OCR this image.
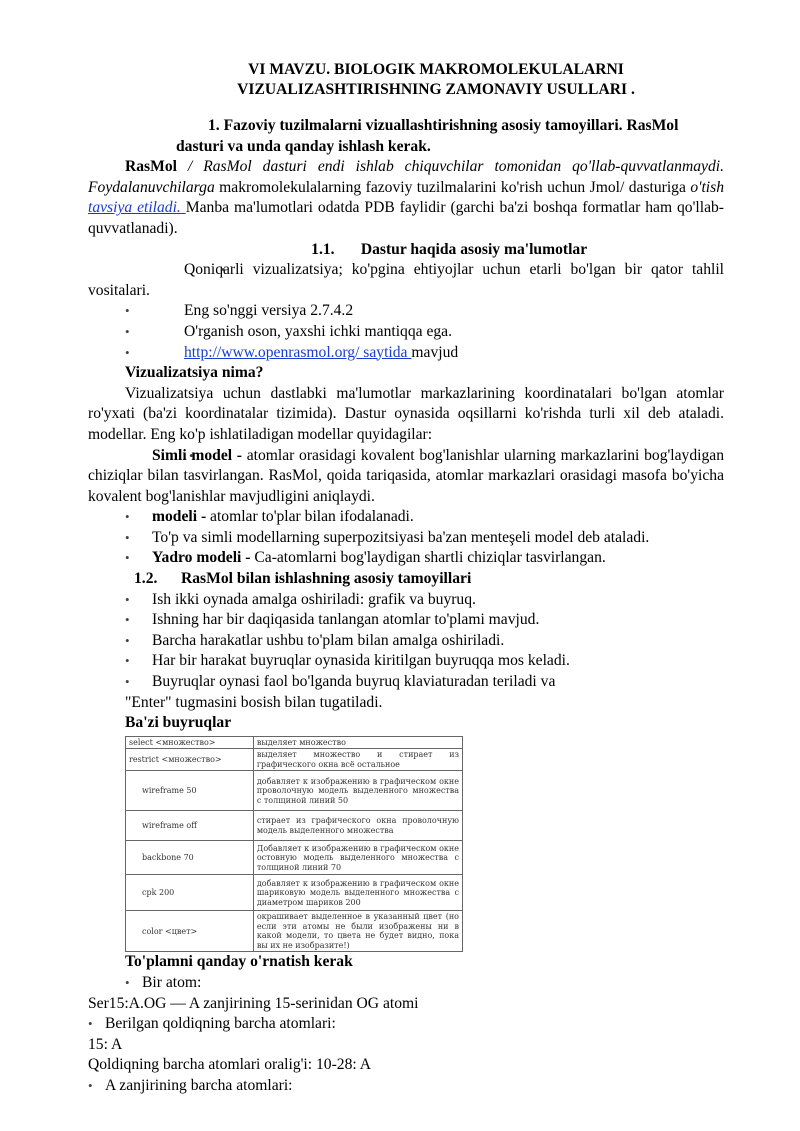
VI MAVZU. BIOLOGIK MAKROMOLEKULALARNI
VIZUALIZASHTIRISHNING ZAMONAVIY USULLARI .
1. Fazoviy tuzilmalarni vizuallashtirishning asosiy tamoyillari. RasMol
dasturi va unda qanday ishlash kerak.

RasMol / RasMol dasturi endi ishlab chiquvchilar tomonidan qo'llab-quvvatlanmaydi. Foydalanuvchilarga makromolekulalarning fazoviy tuzilmalarini ko'rish uchun Jmol/ dasturiga o'tish tavsiya etiladi. Manba ma'lumotlari odatda PDB faylidir (garchi ba'zi boshqa formatlar ham qo'llab-quvvatlanadi).

1.1. Dastur haqida asosiy ma'lumotlar

• Qoniqarli vizualizatsiya; ko'pgina ehtiyojlar uchun etarli bo'lgan bir qator tahlil vositalari.

• Eng so'nggi versiya 2.7.4.2

• O'rganish oson, yaxshi ichki mantiqqa ega.

• http://www.openrasmol.org/ saytida mavjud

Vizualizatsiya nima?

Vizualizatsiya uchun dastlabki ma'lumotlar markazlarining koordinatalari bo'lgan atomlar ro'yxati (ba'zi koordinatalar tizimida). Dastur oynasida oqsillarni ko'rishda turli xil deb ataladi. modellar. Eng ko'p ishlatiladigan modellar quyidagilar:

• Simli model - atomlar orasidagi kovalent bog'lanishlar ularning markazlarini bog'laydigan chiziqlar bilan tasvirlangan. RasMol, qoida tariqasida, atomlar markazlari orasidagi masofa bo'yicha kovalent bog'lanishlar mavjudligini aniqlaydi.

• modeli - atomlar to'plar bilan ifodalanadi.

• To'p va simli modellarning superpozitsiyasi ba'zan menteşeli model deb ataladi.

• Yadro modeli - Ca-atomlarni bog'laydigan shartli chiziqlar tasvirlangan.

1.2. RasMol bilan ishlashning asosiy tamoyillari

• Ish ikki oynada amalga oshiriladi: grafik va buyruq.

• Ishning har bir daqiqasida tanlangan atomlar to'plami mavjud.

• Barcha harakatlar ushbu to'plam bilan amalga oshiriladi.

• Har bir harakat buyruqlar oynasida kiritilgan buyruqqa mos keladi.

• Buyruqlar oynasi faol bo'lganda buyruq klaviaturadan teriladi va

"Enter" tugmasini bosish bilan tugatiladi.

Ba'zi buyruqlar

select <множество>	выделяет множество
restrict <множество>	выделяет множество и стирает из графического окна всё остальное
wireframe 50	добавляет к изображению в графическом окне проволочную модель выделенного множества с толщиной линий 50
wireframe off	стирает из графического окна проволочную модель выделенного множества
backbone 70	Добавляет к изображению в графическом окне остовную модель выделенного множества с толщиной линий 70
cpk 200	добавляет к изображению в графическом окне шариковую модель выделенного множества с диаметром шариков 200
color <цвет>	окрашивает выделенное в указанный цвет (но если эти атомы не были изображены ни в какой модели, то цвета не будет видно, пока вы их не изобразите!)

To'plamni qanday o'rnatish kerak

• Bir atom:

Ser15:A.OG — A zanjirining 15-serinidan OG atomi

• Berilgan qoldiqning barcha atomlari:

15: A

Qoldiqning barcha atomlari oralig'i: 10-28: A

• A zanjirining barcha atomlari:
